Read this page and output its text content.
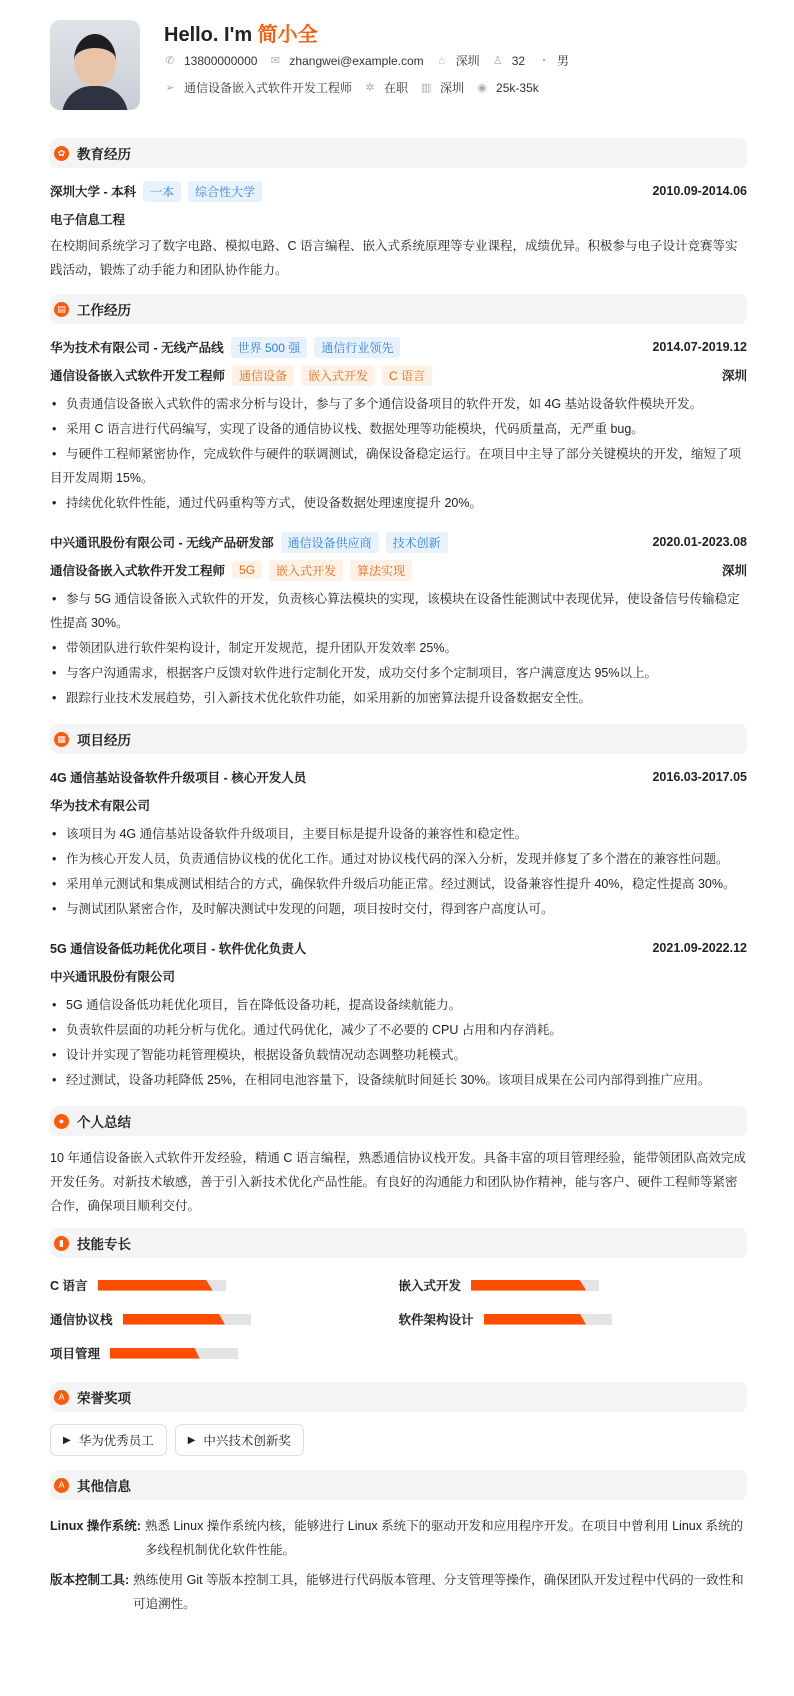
Hello. I'm 简小全
✆ 13800000000 ✉ zhangwei@example.com ⌂ 深圳 ♙ 32 ◔ 男
➢ 通信设备嵌入式软件开发工程师 ✲ 在职 ▥ 深圳 ◉ 25k-35k
✿ 教育经历
深圳大学 - 本科	一本	综合性大学	2010.09-2014.06
电子信息工程

在校期间系统学习了数字电路、模拟电路、C 语言编程、嵌入式系统原理等专业课程，成绩优异。积极参与电子设计竞赛等实践活动，锻炼了动手能力和团队协作能力。

▤ 工作经历
华为技术有限公司 - 无线产品线	世界 500 强	通信行业领先	2014.07-2019.12
通信设备嵌入式软件开发工程师	通信设备	嵌入式开发	C 语言	深圳
• 负责通信设备嵌入式软件的需求分析与设计，参与了多个通信设备项目的软件开发，如 4G 基站设备软件模块开发。
• 采用 C 语言进行代码编写，实现了设备的通信协议栈、数据处理等功能模块，代码质量高，无严重 bug。
• 与硬件工程师紧密协作，完成软件与硬件的联调测试，确保设备稳定运行。在项目中主导了部分关键模块的开发，缩短了项目开发周期 15%。
• 持续优化软件性能，通过代码重构等方式，使设备数据处理速度提升 20%。
中兴通讯股份有限公司 - 无线产品研发部	通信设备供应商	技术创新	2020.01-2023.08
通信设备嵌入式软件开发工程师	5G	嵌入式开发	算法实现	深圳
• 参与 5G 通信设备嵌入式软件的开发，负责核心算法模块的实现，该模块在设备性能测试中表现优异，使设备信号传输稳定性提高 30%。
• 带领团队进行软件架构设计，制定开发规范，提升团队开发效率 25%。
• 与客户沟通需求，根据客户反馈对软件进行定制化开发，成功交付多个定制项目，客户满意度达 95%以上。
• 跟踪行业技术发展趋势，引入新技术优化软件功能，如采用新的加密算法提升设备数据安全性。
▦ 项目经历
4G 通信基站设备软件升级项目 - 核心开发人员	2016.03-2017.05
华为技术有限公司
• 该项目为 4G 通信基站设备软件升级项目，主要目标是提升设备的兼容性和稳定性。
• 作为核心开发人员，负责通信协议栈的优化工作。通过对协议栈代码的深入分析，发现并修复了多个潜在的兼容性问题。
• 采用单元测试和集成测试相结合的方式，确保软件升级后功能正常。经过测试，设备兼容性提升 40%，稳定性提高 30%。
• 与测试团队紧密合作，及时解决测试中发现的问题，项目按时交付，得到客户高度认可。
5G 通信设备低功耗优化项目 - 软件优化负责人	2021.09-2022.12
中兴通讯股份有限公司
• 5G 通信设备低功耗优化项目，旨在降低设备功耗，提高设备续航能力。
• 负责软件层面的功耗分析与优化。通过代码优化，减少了不必要的 CPU 占用和内存消耗。
• 设计并实现了智能功耗管理模块，根据设备负载情况动态调整功耗模式。
• 经过测试，设备功耗降低 25%，在相同电池容量下，设备续航时间延长 30%。该项目成果在公司内部得到推广应用。
● 个人总结

10 年通信设备嵌入式软件开发经验，精通 C 语言编程，熟悉通信协议栈开发。具备丰富的项目管理经验，能带领团队高效完成开发任务。对新技术敏感，善于引入新技术优化产品性能。有良好的沟通能力和团队协作精神，能与客户、硬件工程师等紧密合作，确保项目顺利交付。

▮ 技能专长
C 语言	嵌入式开发
通信协议栈	软件架构设计
项目管理
A 荣誉奖项
▶ 华为优秀员工	▶ 中兴技术创新奖
A 其他信息
Linux 操作系统: 熟悉 Linux 操作系统内核，能够进行 Linux 系统下的驱动开发和应用程序开发。在项目中曾利用 Linux 系统的多线程机制优化软件性能。
版本控制工具: 熟练使用 Git 等版本控制工具，能够进行代码版本管理、分支管理等操作，确保团队开发过程中代码的一致性和可追溯性。
